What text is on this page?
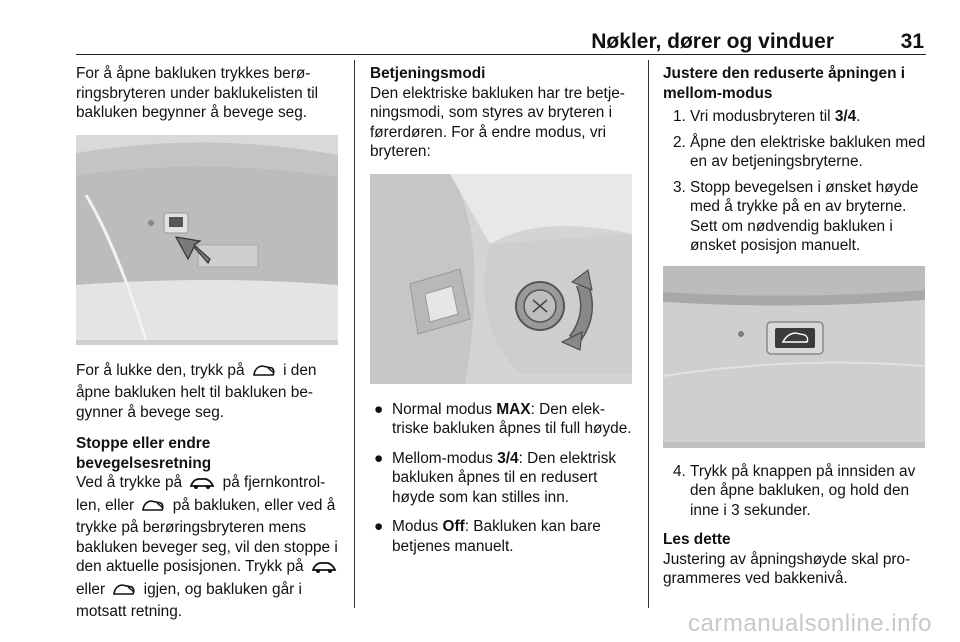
Nøkler, dører og vinduer	31

For å åpne bakluken trykkes berø-ringsbryteren under baklukelisten til bakluken begynner å bevege seg.

For å lukke den, trykk på	i den åpne bakluken helt til bakluken be-gynner å bevege seg.

Stoppe eller endre bevegelsesretning
Ved å trykke på	på fjernkontrol-len, eller	på bakluken, eller ved å trykke på berøringsbryteren mens bakluken beveger seg, vil den stoppe i den aktuelle posisjonen. Trykk på  eller	igjen, og bakluken går i motsatt retning.

Betjeningsmodi
Den elektriske bakluken har tre betje-ningsmodi, som styres av bryteren i førerdøren. For å endre modus, vri bryteren:

● Normal modus MAX: Den elek-triske bakluken åpnes til full høyde.
● Mellom-modus 3/4: Den elektrisk bakluken åpnes til en redusert høyde som kan stilles inn.
● Modus Off: Bakluken kan bare betjenes manuelt.
Justere den reduserte åpningen i mellom-modus
1. Vri modusbryteren til 3/4.
2. Åpne den elektriske bakluken med en av betjeningsbryterne.
3. Stopp bevegelsen i ønsket høyde med å trykke på en av bryterne. Sett om nødvendig bakluken i ønsket posisjon manuelt.
4. Trykk på knappen på innsiden av den åpne bakluken, og hold den inne i 3 sekunder.

Les dette
Justering av åpningshøyde skal pro-grammeres ved bakkenivå.

carmanualsonline.info
